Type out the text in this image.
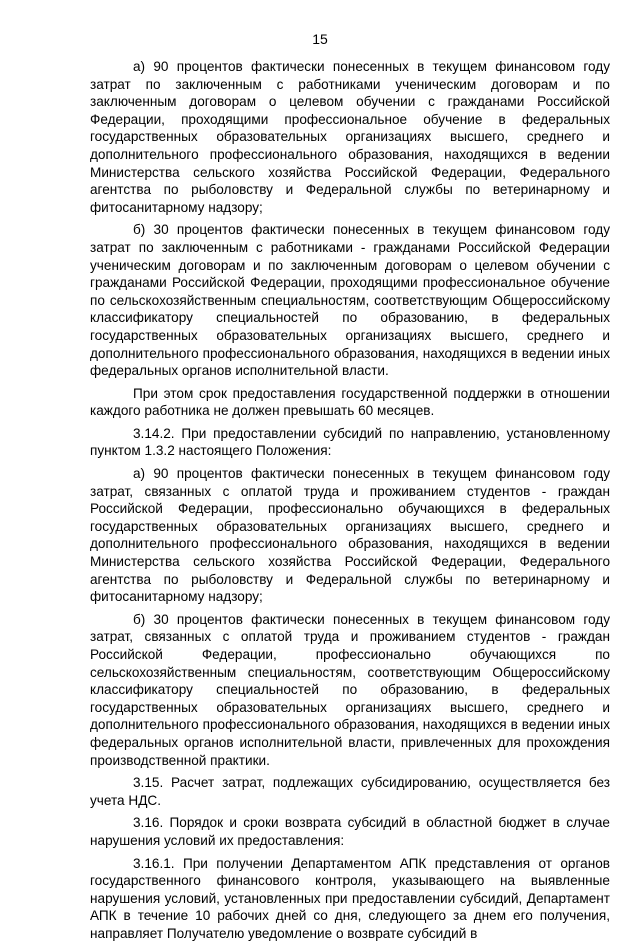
15

а) 90 процентов фактически понесенных в текущем финансовом году затрат по заключенным с работниками ученическим договорам и по заключенным договорам о целевом обучении с гражданами Российской Федерации, проходящими профессиональное обучение в федеральных государственных образовательных организациях высшего, среднего и дополнительного профессионального образования, находящихся в ведении Министерства сельского хозяйства Российской Федерации, Федерального агентства по рыболовству и Федеральной службы по ветеринарному и фитосанитарному надзору;

б) 30 процентов фактически понесенных в текущем финансовом году затрат по заключенным с работниками - гражданами Российской Федерации ученическим договорам и по заключенным договорам о целевом обучении с гражданами Российской Федерации, проходящими профессиональное обучение по сельскохозяйственным специальностям, соответствующим Общероссийскому классификатору специальностей по образованию, в федеральных государственных образовательных организациях высшего, среднего и дополнительного профессионального образования, находящихся в ведении иных федеральных органов исполнительной власти.

При этом срок предоставления государственной поддержки в отношении каждого работника не должен превышать 60 месяцев.

3.14.2. При предоставлении субсидий по направлению, установленному пунктом 1.3.2 настоящего Положения:

а) 90 процентов фактически понесенных в текущем финансовом году затрат, связанных с оплатой труда и проживанием студентов - граждан Российской Федерации, профессионально обучающихся в федеральных государственных образовательных организациях высшего, среднего и дополнительного профессионального образования, находящихся в ведении Министерства сельского хозяйства Российской Федерации, Федерального агентства по рыболовству и Федеральной службы по ветеринарному и фитосанитарному надзору;

б) 30 процентов фактически понесенных в текущем финансовом году затрат, связанных с оплатой труда и проживанием студентов - граждан Российской Федерации, профессионально обучающихся по сельскохозяйственным специальностям, соответствующим Общероссийскому классификатору специальностей по образованию, в федеральных государственных образовательных организациях высшего, среднего и дополнительного профессионального образования, находящихся в ведении иных федеральных органов исполнительной власти, привлеченных для прохождения производственной практики.

3.15. Расчет затрат, подлежащих субсидированию, осуществляется без учета НДС.

3.16. Порядок и сроки возврата субсидий в областной бюджет в случае нарушения условий их предоставления:

3.16.1. При получении Департаментом АПК представления от органов государственного финансового контроля, указывающего на выявленные нарушения условий, установленных при предоставлении субсидий, Департамент АПК в течение 10 рабочих дней со дня, следующего за днем его получения, направляет Получателю уведомление о возврате субсидий в
